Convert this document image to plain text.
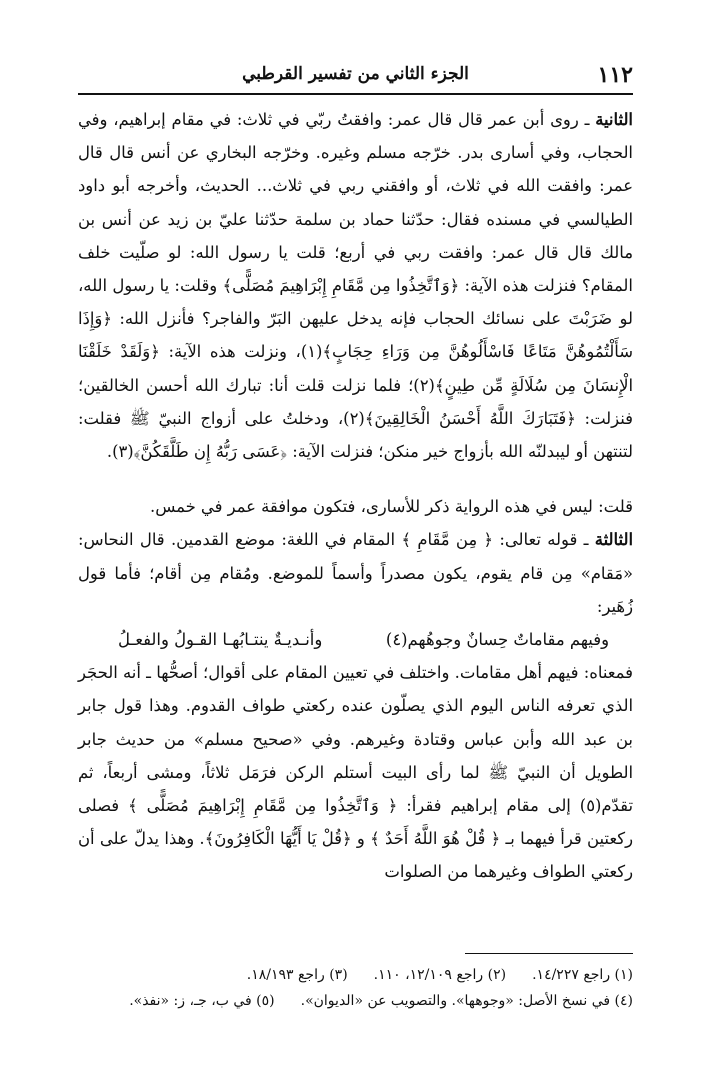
١١٢
الجزء الثاني من تفسير القرطبي

الثانية ـ روى أبن عمر قال قال عمر: وافقتُ ربّي في ثلاث: في مقام إبراهيم، وفي الحجاب، وفي أسارى بدر. خرّجه مسلم وغيره. وخرّجه البخاري عن أنس قال قال عمر: وافقت الله في ثلاث، أو وافقني ربي في ثلاث... الحديث، وأخرجه أبو داود الطيالسي في مسنده فقال: حدّثنا حماد بن سلمة حدّثنا عليّ بن زيد عن أنس بن مالك قال قال عمر: وافقت ربي في أربع؛ قلت يا رسول الله: لو صلّيت خلف المقام؟ فنزلت هذه الآية: ﴿وَٱتَّخِذُوا مِن مَّقَامِ إِبْرَاهِيمَ مُصَلًّى﴾ وقلت: يا رسول الله، لو ضَرَبْتَ على نسائك الحجاب فإنه يدخل عليهن البَرّ والفاجر؟ فأنزل الله: ﴿وَإِذَا سَأَلْتُمُوهُنَّ مَتَاعًا فَاسْأَلُوهُنَّ مِن وَرَاءِ حِجَابٍ﴾(١)، ونزلت هذه الآية: ﴿وَلَقَدْ خَلَقْنَا الْإِنسَانَ مِن سُلَالَةٍ مِّن طِينٍ﴾(٢)؛ فلما نزلت قلت أنا: تبارك الله أحسن الخالقين؛ فنزلت: ﴿فَتَبَارَكَ اللَّهُ أَحْسَنُ الْخَالِقِينَ﴾(٢)، ودخلتُ على أزواج النبيّ ﷺ فقلت: لتنتهن أو ليبدلنّه الله بأزواج خير منكن؛ فنزلت الآية: ﴿عَسَى رَبُّهُ إِن طَلَّقَكُنَّ﴾(٣).

قلت: ليس في هذه الرواية ذكر للأسارى، فتكون موافقة عمر في خمس.

الثالثة ـ قوله تعالى: ﴿ مِن مَّقَامِ ﴾ المقام في اللغة: موضع القدمين. قال النحاس: «مَقام» مِن قام يقوم، يكون مصدراً وأسماً للموضع. ومُقام مِن أقام؛ فأما قول زُهَير:

وفيهم مقاماتٌ حِسانٌ وجوهُهم(٤)
وأنـديـةٌ ينتـابُهـا القـولُ والفعـلُ

فمعناه: فيهم أهل مقامات. واختلف في تعيين المقام على أقوال؛ أصحُّها ـ أنه الحجَر الذي تعرفه الناس اليوم الذي يصلّون عنده ركعتي طواف القدوم. وهذا قول جابر بن عبد الله وأبن عباس وقتادة وغيرهم. وفي «صحيح مسلم» من حديث جابر الطويل أن النبيّ ﷺ لما رأى البيت أستلم الركن فرَمَل ثلاثاً، ومشى أربعاً، ثم تقدّم(٥) إلى مقام إبراهيم فقرأ: ﴿ وَٱتَّخِذُوا مِن مَّقَامِ إِبْرَاهِيمَ مُصَلًّى ﴾ فصلى ركعتين قرأ فيهما بـ ﴿ قُلْ هُوَ اللَّهُ أَحَدٌ ﴾ و ﴿قُلْ يَا أَيُّهَا الْكَافِرُونَ﴾. وهذا يدلّ على أن ركعتي الطواف وغيرهما من الصلوات

(١) راجع ١٤/٢٢٧.(٢) راجع ١٢/١٠٩، ١١٠.(٣) راجع ١٨/١٩٣.
(٤) في نسخ الأصل: «وجوهها». والتصويب عن «الديوان».(٥) في ب، جـ، ز: «نفذ».
